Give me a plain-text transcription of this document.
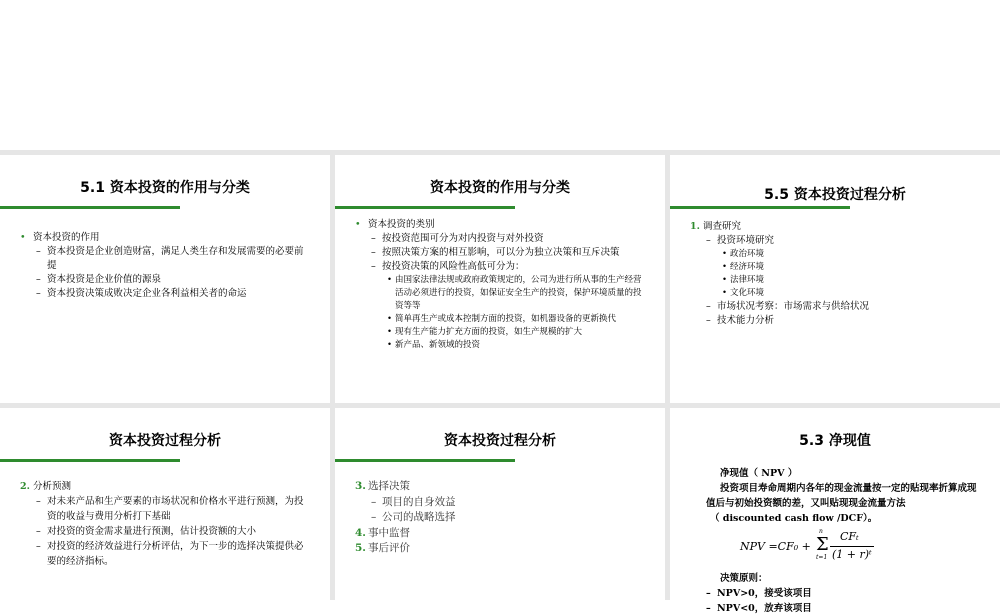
5.1 资本投资的作用与分类
• 资本投资的作用
– 资本投资是企业创造财富，满足人类生存和发展需要的必要前提
– 资本投资是企业价值的源泉
– 资本投资决策成败决定企业各利益相关者的命运
资本投资的作用与分类
• 资本投资的类别
– 按投资范围可分为对内投资与对外投资
– 按照决策方案的相互影响，可以分为独立决策和互斥决策
– 按投资决策的风险性高低可分为：
• 由国家法律法规或政府政策规定的，公司为进行所从事的生产经营活动必须进行的投资，如保证安全生产的投资，保护环境质量的投资等等
• 简单再生产或成本控制方面的投资，如机器设备的更新换代
• 现有生产能力扩充方面的投资，如生产规模的扩大
• 新产品、新领域的投资
5.5 资本投资过程分析
1. 调查研究
– 投资环境研究
• 政治环境
• 经济环境
• 法律环境
• 文化环境
– 市场状况考察：市场需求与供给状况
– 技术能力分析
资本投资过程分析
2. 分析预测
– 对未来产品和生产要素的市场状况和价格水平进行预测，为投资的收益与费用分析打下基础
– 对投资的资金需求量进行预测，估计投资额的大小
– 对投资的经济效益进行分析评估，为下一步的选择决策提供必要的经济指标。
资本投资过程分析
3. 选择决策
– 项目的自身效益
– 公司的战略选择
4. 事中监督
5. 事后评价
5.3 净现值
净现值（ NPV ）
投资项目寿命周期内各年的现金流量按一定的贴现率折算成现值后与初始投资额的差，又叫贴现现金流量方法
（ discounted cash flow /DCF）。
NPV =CF₀ +
n
Σ
t=1
CFₜ
(1 + r)ᵗ
决策原则：
– NPV>0，接受该项目
– NPV<0，放弃该项目
